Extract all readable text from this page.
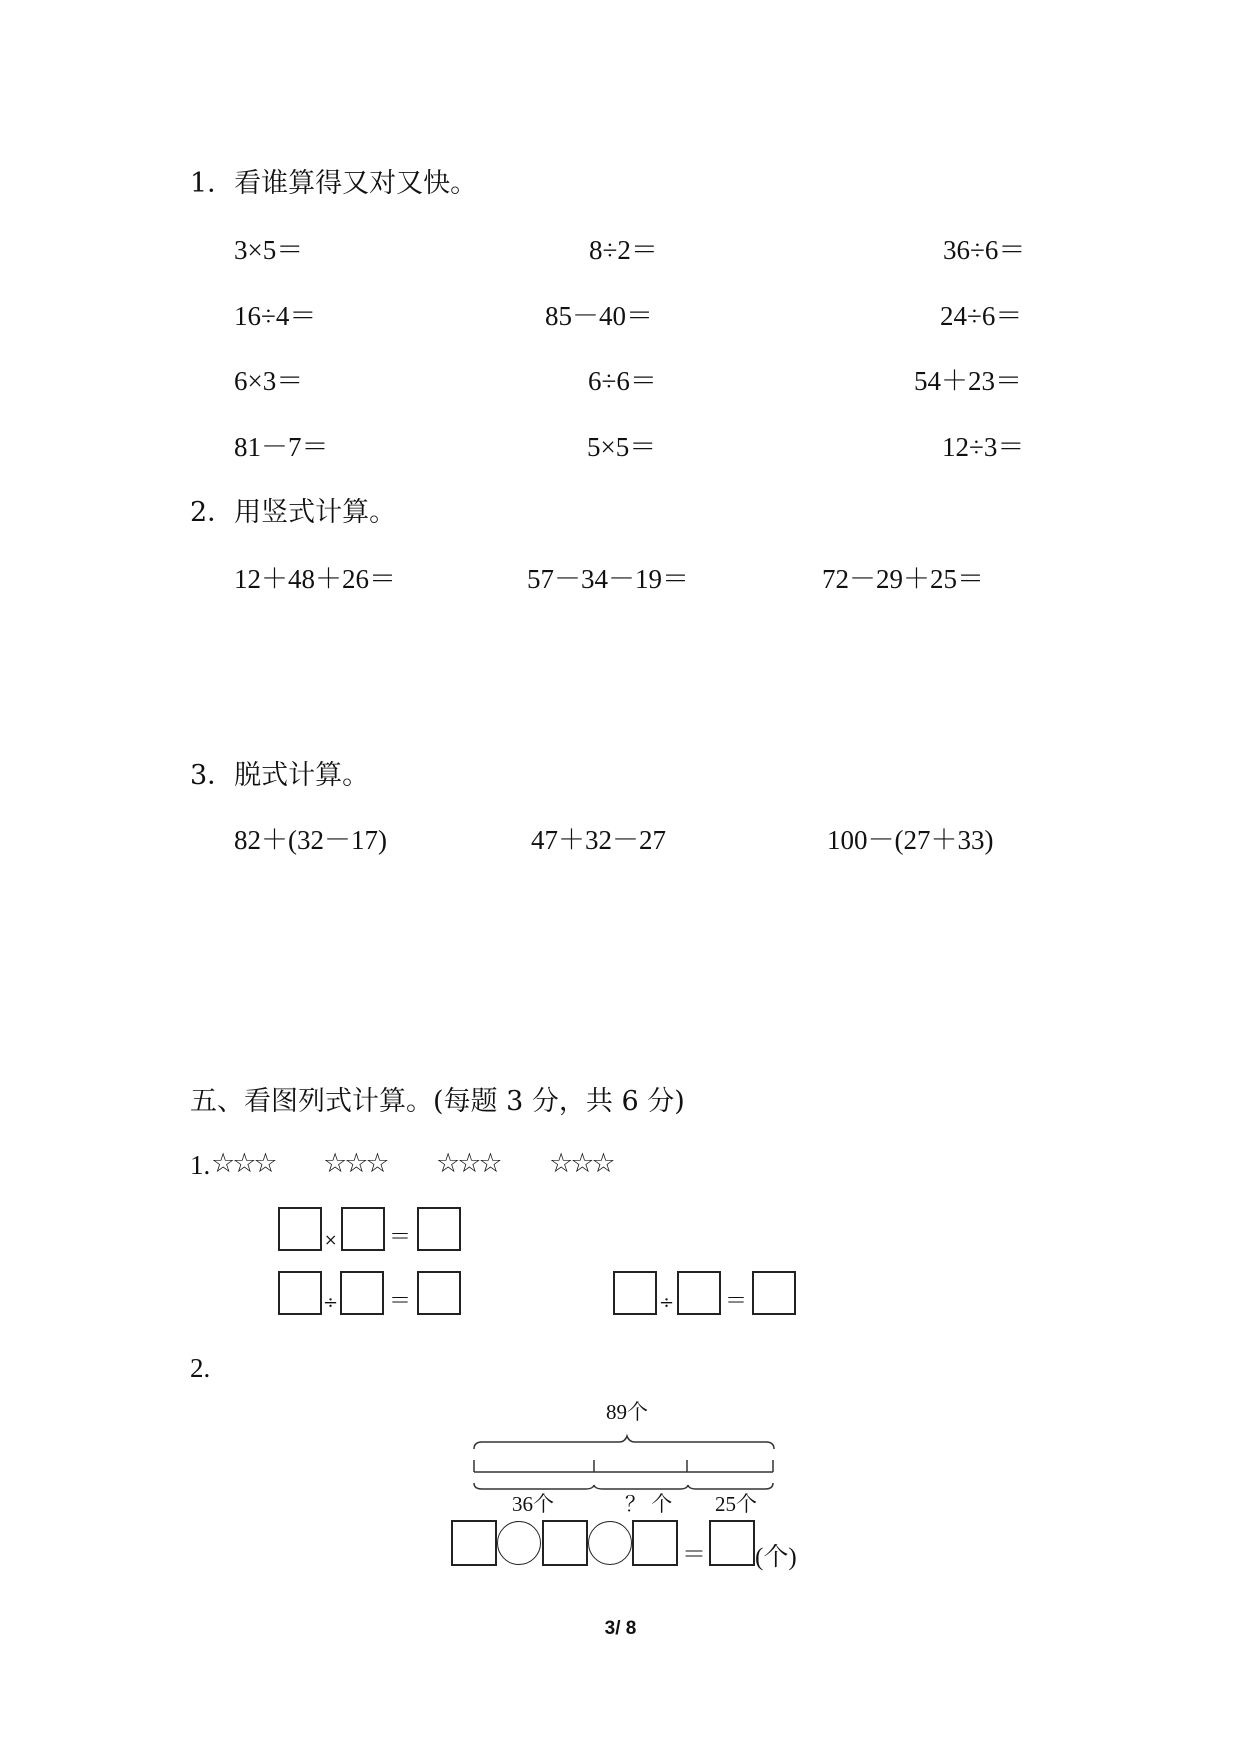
1．看谁算得又对又快。
3×5＝	8÷2＝	36÷6＝
16÷4＝	85－40＝	24÷6＝
6×3＝	6÷6＝	54＋23＝
81－7＝	5×5＝	12÷3＝
2．用竖式计算。
12＋48＋26＝	57－34－19＝	72－29＋25＝
3．脱式计算。
82＋(32－17)	47＋32－27	100－(27＋33)
五、看图列式计算。(每题 3 分，共 6 分)
1. ☆☆☆ ☆☆☆ ☆☆☆ ☆☆☆
× ＝
÷ ＝	÷ ＝
2.
89个
36个	？ 个 25个
＝ (个)
3/ 8
